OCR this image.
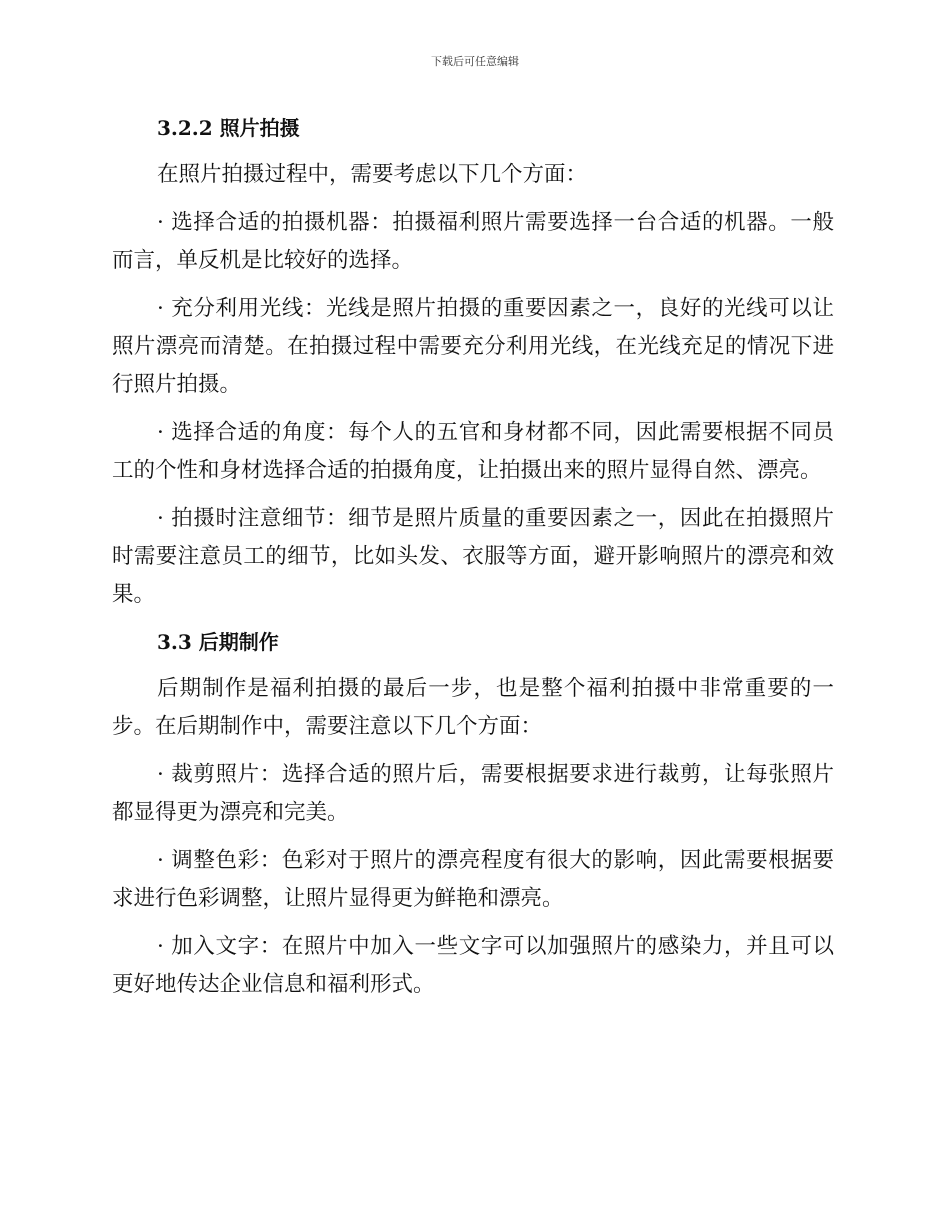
下载后可任意编辑
3.2.2 照片拍摄

在照片拍摄过程中，需要考虑以下几个方面：

· 选择合适的拍摄机器：拍摄福利照片需要选择一台合适的机器。一般而言，单反机是比较好的选择。

· 充分利用光线：光线是照片拍摄的重要因素之一，良好的光线可以让照片漂亮而清楚。在拍摄过程中需要充分利用光线，在光线充足的情况下进行照片拍摄。

· 选择合适的角度：每个人的五官和身材都不同，因此需要根据不同员工的个性和身材选择合适的拍摄角度，让拍摄出来的照片显得自然、漂亮。

· 拍摄时注意细节：细节是照片质量的重要因素之一，因此在拍摄照片时需要注意员工的细节，比如头发、衣服等方面，避开影响照片的漂亮和效果。

3.3 后期制作

后期制作是福利拍摄的最后一步，也是整个福利拍摄中非常重要的一步。在后期制作中，需要注意以下几个方面：

· 裁剪照片：选择合适的照片后，需要根据要求进行裁剪，让每张照片都显得更为漂亮和完美。

· 调整色彩：色彩对于照片的漂亮程度有很大的影响，因此需要根据要求进行色彩调整，让照片显得更为鲜艳和漂亮。

· 加入文字：在照片中加入一些文字可以加强照片的感染力，并且可以更好地传达企业信息和福利形式。
